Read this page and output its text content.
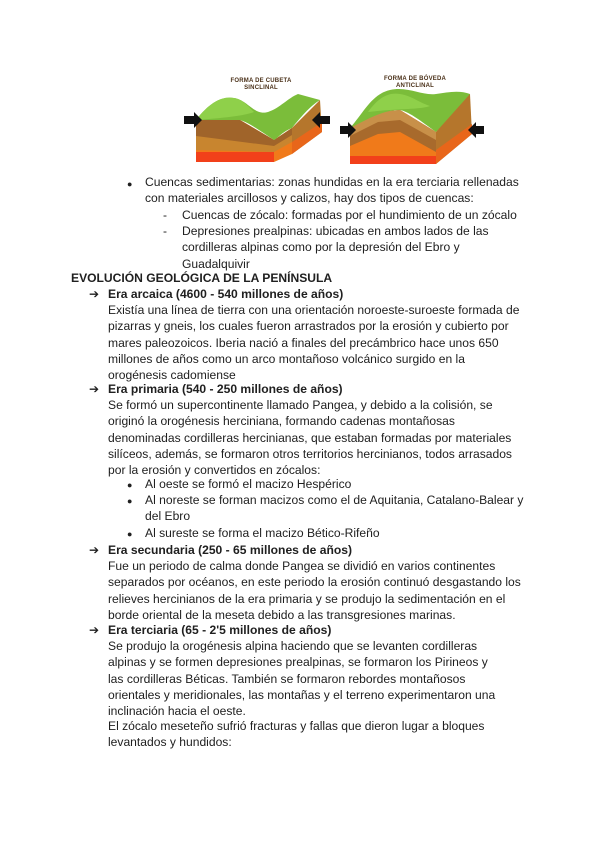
FORMA DE CUBETA
SINCLINAL
FORMA DE BÓVEDA
ANTICLINAL
● Cuencas sedimentarias: zonas hundidas en la era terciaria rellenadas con materiales arcillosos y calizos, hay dos tipos de cuencas:

- Cuencas de zócalo: formadas por el hundimiento de un zócalo

- Depresiones prealpinas: ubicadas en ambos lados de las cordilleras alpinas como por la depresión del Ebro y Guadalquivir

EVOLUCIÓN GEOLÓGICA DE LA PENÍNSULA

➔ Era arcaica (4600 - 540 millones de años)

Existía una línea de tierra con una orientación noroeste-suroeste formada de pizarras y gneis, los cuales fueron arrastrados por la erosión y cubierto por mares paleozoicos. Iberia nació a finales del precámbrico hace unos 650 millones de años como un arco montañoso volcánico surgido en la orogénesis cadomiense

➔ Era primaria (540 - 250 millones de años)

Se formó un supercontinente llamado Pangea, y debido a la colisión, se originó la orogénesis herciniana, formando cadenas montañosas denominadas cordilleras hercinianas, que estaban formadas por materiales silíceos, además, se formaron otros territorios hercinianos, todos arrasados por la erosión y convertidos en zócalos:

● Al oeste se formó el macizo Hespérico

● Al noreste se forman macizos como el de Aquitania, Catalano-Balear y del Ebro

● Al sureste se forma el macizo Bético-Rifeño

➔ Era secundaria (250 - 65 millones de años)

Fue un periodo de calma donde Pangea se dividió en varios continentes separados por océanos, en este periodo la erosión continuó desgastando los relieves hercinianos de la era primaria y se produjo la sedimentación en el borde oriental de la meseta debido a las transgresiones marinas.

➔ Era terciaria (65 - 2'5 millones de años)

Se produjo la orogénesis alpina haciendo que se levanten cordilleras alpinas y se formen depresiones prealpinas, se formaron los Pirineos y las cordilleras Béticas. También se formaron rebordes montañosos orientales y meridionales, las montañas y el terreno experimentaron una inclinación hacia el oeste.

El zócalo meseteño sufrió fracturas y fallas que dieron lugar a bloques levantados y hundidos:
